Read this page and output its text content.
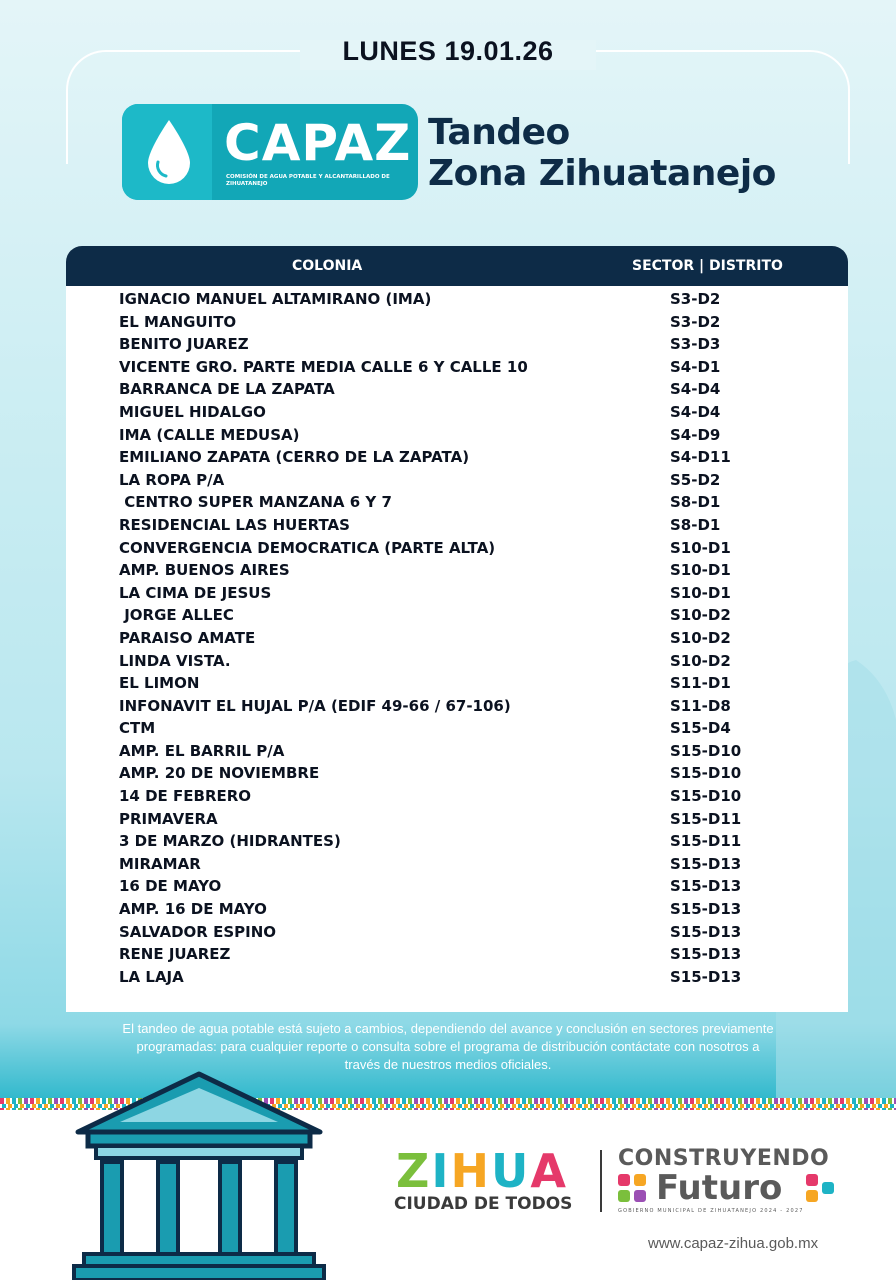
LUNES 19.01.26
CAPAZ
COMISIÓN DE AGUA POTABLE Y ALCANTARILLADO DE ZIHUATANEJO
Tandeo
Zona Zihuatanejo
COLONIA	SECTOR | DISTRITO
IGNACIO MANUEL ALTAMIRANO (IMA)	S3-D2
EL MANGUITO	S3-D2
BENITO JUAREZ	S3-D3
VICENTE GRO. PARTE MEDIA CALLE 6 Y CALLE 10	S4-D1
BARRANCA DE LA ZAPATA	S4-D4
MIGUEL HIDALGO	S4-D4
IMA (CALLE MEDUSA)	S4-D9
EMILIANO ZAPATA (CERRO DE LA ZAPATA)	S4-D11
LA ROPA P/A	S5-D2
CENTRO SUPER MANZANA 6 Y 7	S8-D1
RESIDENCIAL LAS HUERTAS	S8-D1
CONVERGENCIA DEMOCRATICA (PARTE ALTA)	S10-D1
AMP. BUENOS AIRES	S10-D1
LA CIMA DE JESUS	S10-D1
JORGE ALLEC	S10-D2
PARAISO AMATE	S10-D2
LINDA VISTA.	S10-D2
EL LIMON	S11-D1
INFONAVIT EL HUJAL P/A (EDIF 49-66 / 67-106)	S11-D8
CTM	S15-D4
AMP. EL BARRIL P/A	S15-D10
AMP. 20 DE NOVIEMBRE	S15-D10
14 DE FEBRERO	S15-D10
PRIMAVERA	S15-D11
3 DE MARZO (HIDRANTES)	S15-D11
MIRAMAR	S15-D13
16 DE MAYO	S15-D13
AMP. 16 DE MAYO	S15-D13
SALVADOR ESPINO	S15-D13
RENE JUAREZ	S15-D13
LA LAJA	S15-D13
El tandeo de agua potable está sujeto a cambios, dependiendo del avance y conclusión en sectores previamente
programadas: para cualquier reporte o consulta sobre el programa de distribución contáctate con nosotros a
través de nuestros medios oficiales.
ZIHUA
CIUDAD DE TODOS
CONSTRUYENDO
Futuro
GOBIERNO MUNICIPAL DE ZIHUATANEJO 2024 - 2027
www.capaz-zihua.gob.mx
